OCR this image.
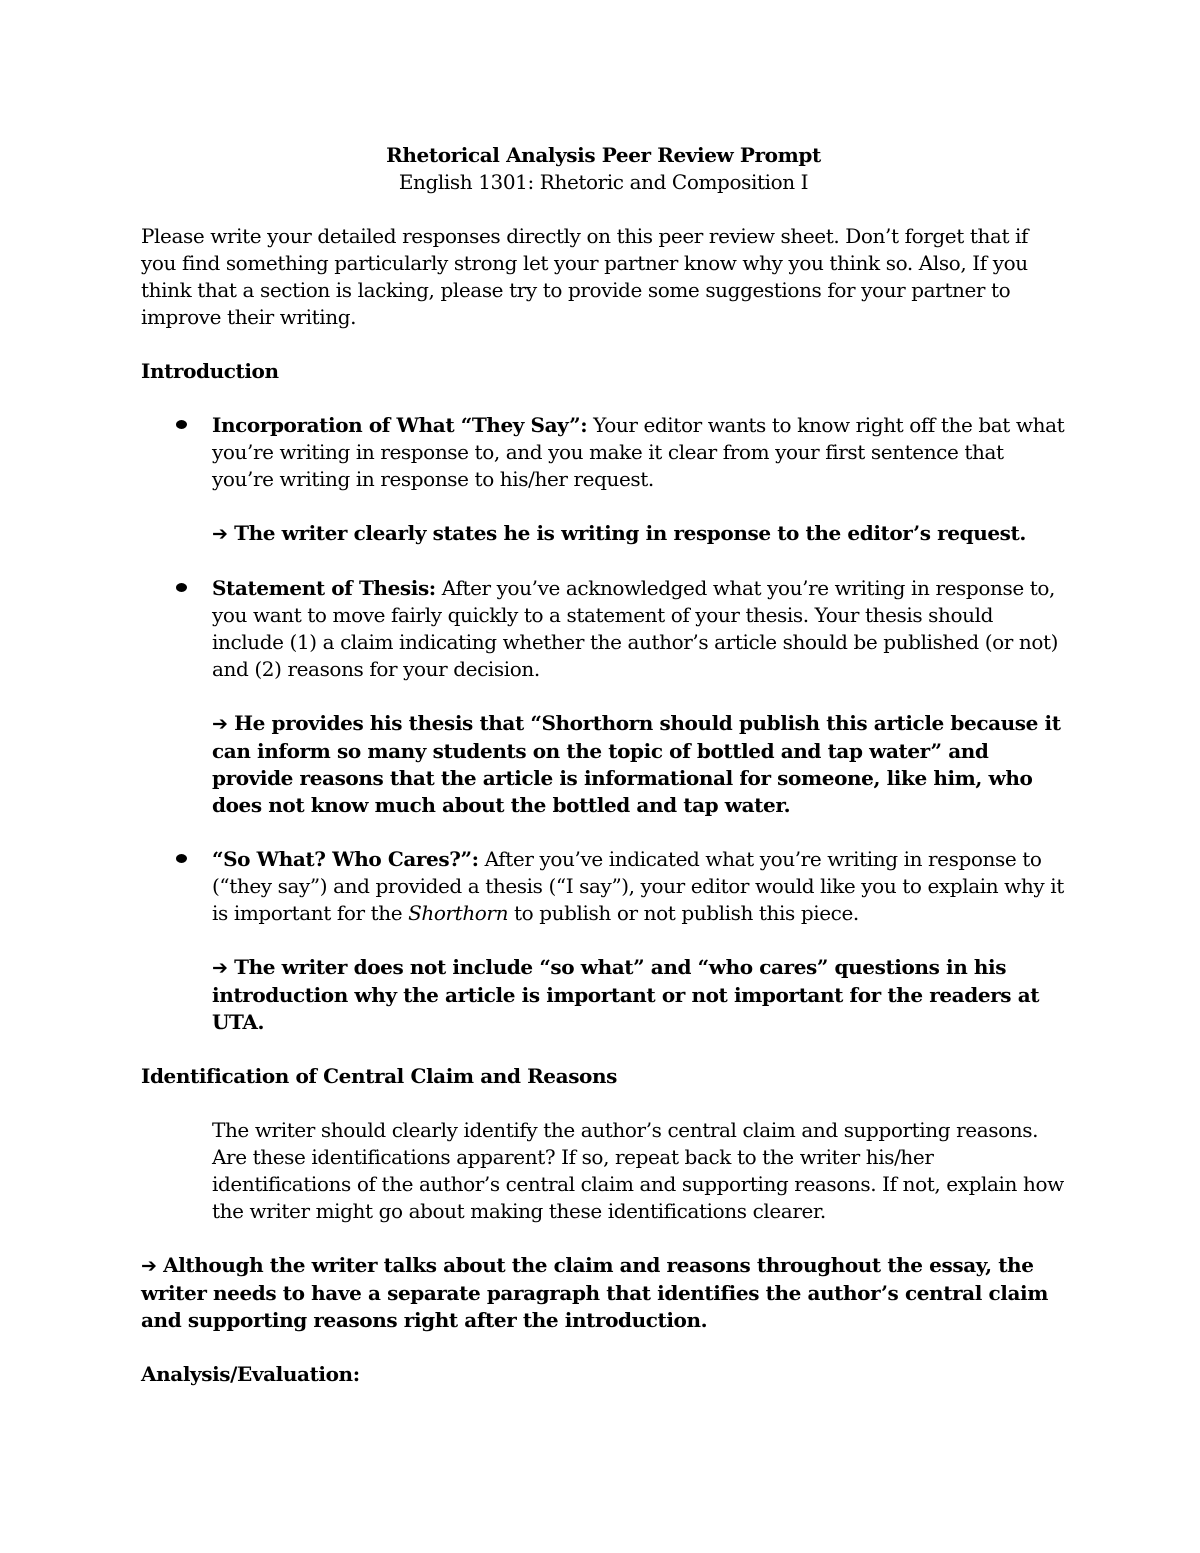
Rhetorical Analysis Peer Review Prompt

English 1301: Rhetoric and Composition I

Please write your detailed responses directly on this peer review sheet. Don’t forget that if you find something particularly strong let your partner know why you think so. Also, If you think that a section is lacking, please try to provide some suggestions for your partner to improve their writing.

Introduction

Incorporation of What “They Say”: Your editor wants to know right off the bat what you’re writing in response to, and you make it clear from your first sentence that you’re writing in response to his/her request.

➔ The writer clearly states he is writing in response to the editor’s request.

Statement of Thesis: After you’ve acknowledged what you’re writing in response to, you want to move fairly quickly to a statement of your thesis. Your thesis should include (1) a claim indicating whether the author’s article should be published (or not) and (2) reasons for your decision.

➔ He provides his thesis that “Shorthorn should publish this article because it can inform so many students on the topic of bottled and tap water” and provide reasons that the article is informational for someone, like him, who does not know much about the bottled and tap water.

“So What? Who Cares?”: After you’ve indicated what you’re writing in response to (“they say”) and provided a thesis (“I say”), your editor would like you to explain why it is important for the Shorthorn to publish or not publish this piece.

➔ The writer does not include “so what” and “who cares” questions in his introduction why the article is important or not important for the readers at UTA.

Identification of Central Claim and Reasons

The writer should clearly identify the author’s central claim and supporting reasons. Are these identifications apparent? If so, repeat back to the writer his/her identifications of the author’s central claim and supporting reasons. If not, explain how the writer might go about making these identifications clearer.

➔ Although the writer talks about the claim and reasons throughout the essay, the writer needs to have a separate paragraph that identifies the author’s central claim and supporting reasons right after the introduction.

Analysis/Evaluation:
